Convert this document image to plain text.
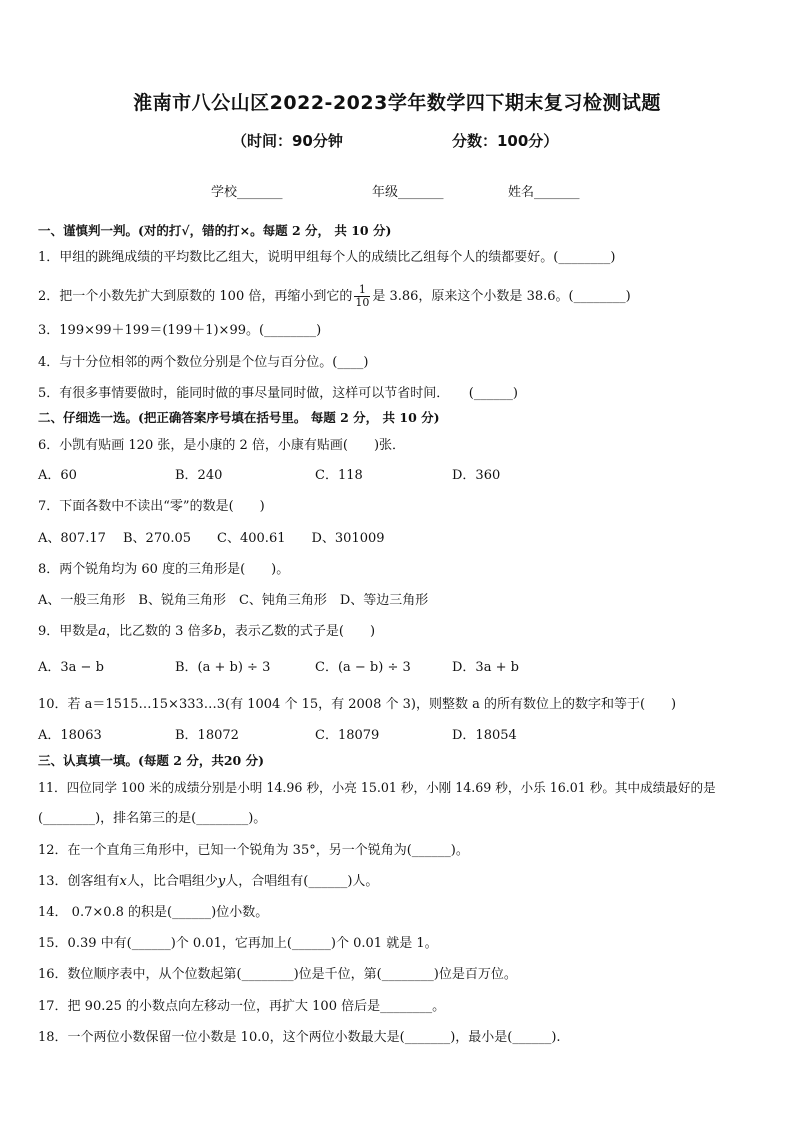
淮南市八公山区2022-2023学年数学四下期末复习检测试题
（时间：90分钟	分数：100分）
学校_______	年级_______	姓名_______
一、谨慎判一判。(对的打√，错的打×。每题 2 分， 共 10 分)
1．甲组的跳绳成绩的平均数比乙组大，说明甲组每个人的成绩比乙组每个人的绩都要好。(________)
2．把一个小数先扩大到原数的 100 倍，再缩小到它的 $\frac{1}{10}$ 是 3.86，原来这个小数是 38.6。(________)
3．199×99＋199＝(199＋1)×99。(________)
4．与十分位相邻的两个数位分别是个位与百分位。(____)
5．有很多事情要做时，能同时做的事尽量同时做，这样可以节省时间．　　(______)
二、仔细选一选。(把正确答案序号填在括号里。 每题 2 分， 共 10 分)
6．小凯有贴画 120 张，是小康的 2 倍，小康有贴画(　　)张．
A．60	B．240	C．118	D．360
7．下面各数中不读出“零”的数是(　　)
A、807.17　 B、270.05　　C、400.61　　D、301009
8．两个锐角均为 60 度的三角形是(　　)。
A、一般三角形　B、锐角三角形　C、钝角三角形　D、等边三角形
9．甲数是a，比乙数的 3 倍多b，表示乙数的式子是(　　)
A．3a − b	B．(a + b) ÷ 3	C．(a − b) ÷ 3	D．3a + b
10．若 a＝1515…15×333…3(有 1004 个 15，有 2008 个 3)，则整数 a 的所有数位上的数字和等于(　　)
A．18063	B．18072	C．18079	D．18054
三、认真填一填。(每题 2 分，共20 分)
11．四位同学 100 米的成绩分别是小明 14.96 秒，小亮 15.01 秒，小刚 14.69 秒，小乐 16.01 秒。其中成绩最好的是
(________)，排名第三的是(________)。
12．在一个直角三角形中，已知一个锐角为 35°，另一个锐角为(______)。
13．创客组有x人，比合唱组少y人，合唱组有(______)人。
14． 0.7×0.8 的积是(______)位小数。
15．0.39 中有(______)个 0.01，它再加上(______)个 0.01 就是 1。
16．数位顺序表中，从个位数起第(________)位是千位，第(________)位是百万位。
17．把 90.25 的小数点向左移动一位，再扩大 100 倍后是________。
18．一个两位小数保留一位小数是 10.0，这个两位小数最大是(_______)，最小是(______).
